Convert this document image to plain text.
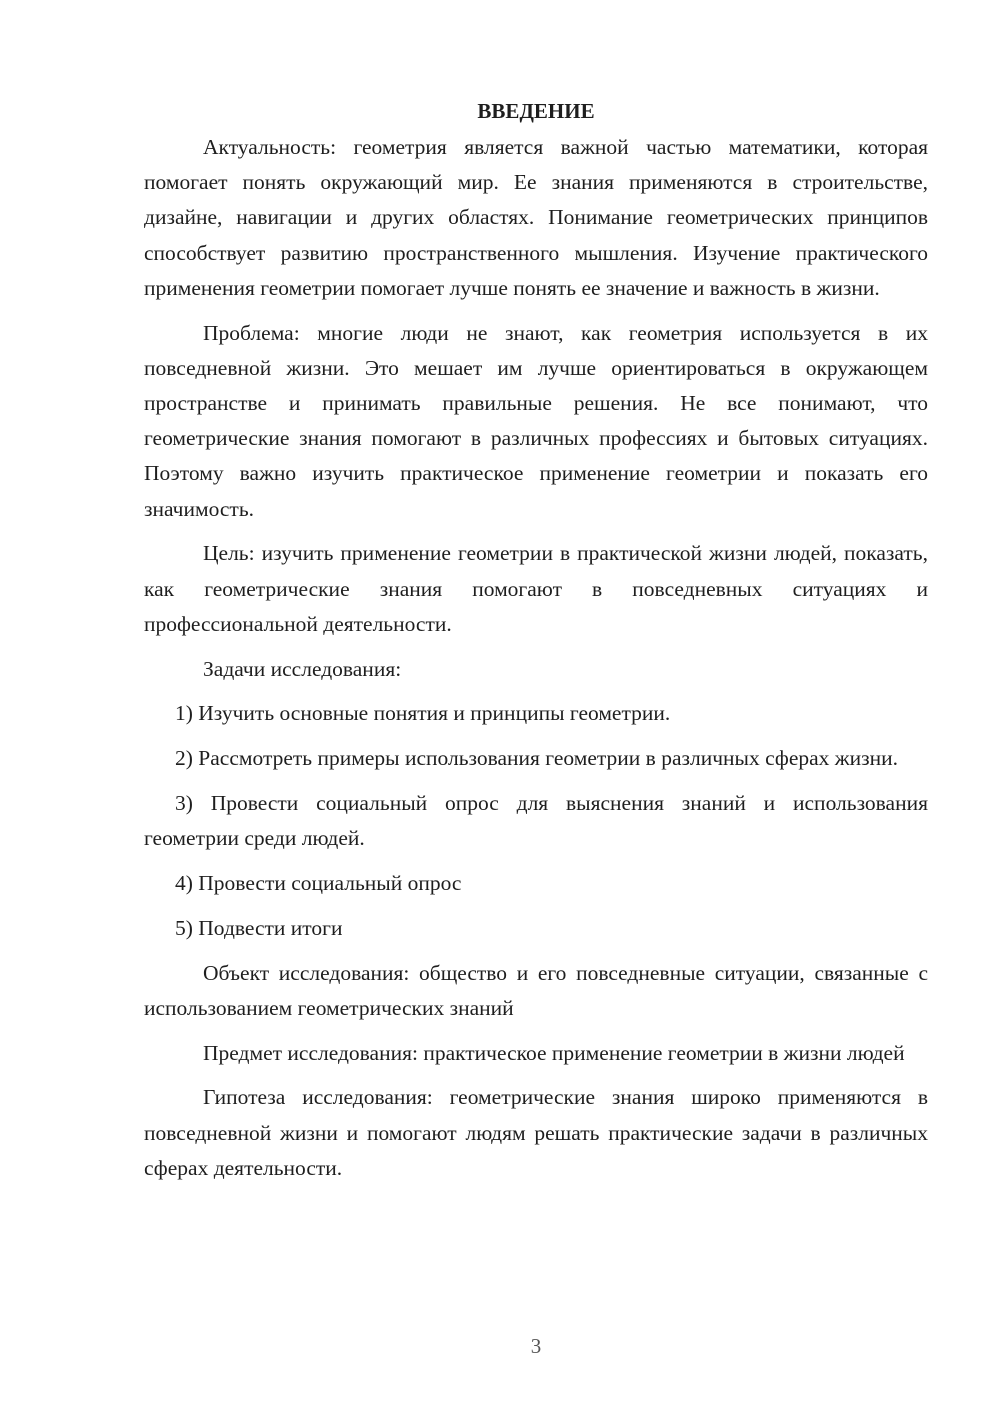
ВВЕДЕНИЕ

Актуальность: геометрия является важной частью математики, которая помогает понять окружающий мир. Ее знания применяются в строительстве, дизайне, навигации и других областях. Понимание геометрических принципов способствует развитию пространственного мышления. Изучение практического применения геометрии помогает лучше понять ее значение и важность в жизни.

Проблема: многие люди не знают, как геометрия используется в их повседневной жизни. Это мешает им лучше ориентироваться в окружающем пространстве и принимать правильные решения. Не все понимают, что геометрические знания помогают в различных профессиях и бытовых ситуациях. Поэтому важно изучить практическое применение геометрии и показать его значимость.

Цель: изучить применение геометрии в практической жизни людей, показать, как геометрические знания помогают в повседневных ситуациях и профессиональной деятельности.

Задачи исследования:

1) Изучить основные понятия и принципы геометрии.

2) Рассмотреть примеры использования геометрии в различных сферах жизни.

3) Провести социальный опрос для выяснения знаний и использования геометрии среди людей.

4) Провести социальный опрос

5) Подвести итоги

Объект исследования: общество и его повседневные ситуации, связанные с использованием геометрических знаний

Предмет исследования: практическое применение геометрии в жизни людей

Гипотеза исследования: геометрические знания широко применяются в повседневной жизни и помогают людям решать практические задачи в различных сферах деятельности.

3
